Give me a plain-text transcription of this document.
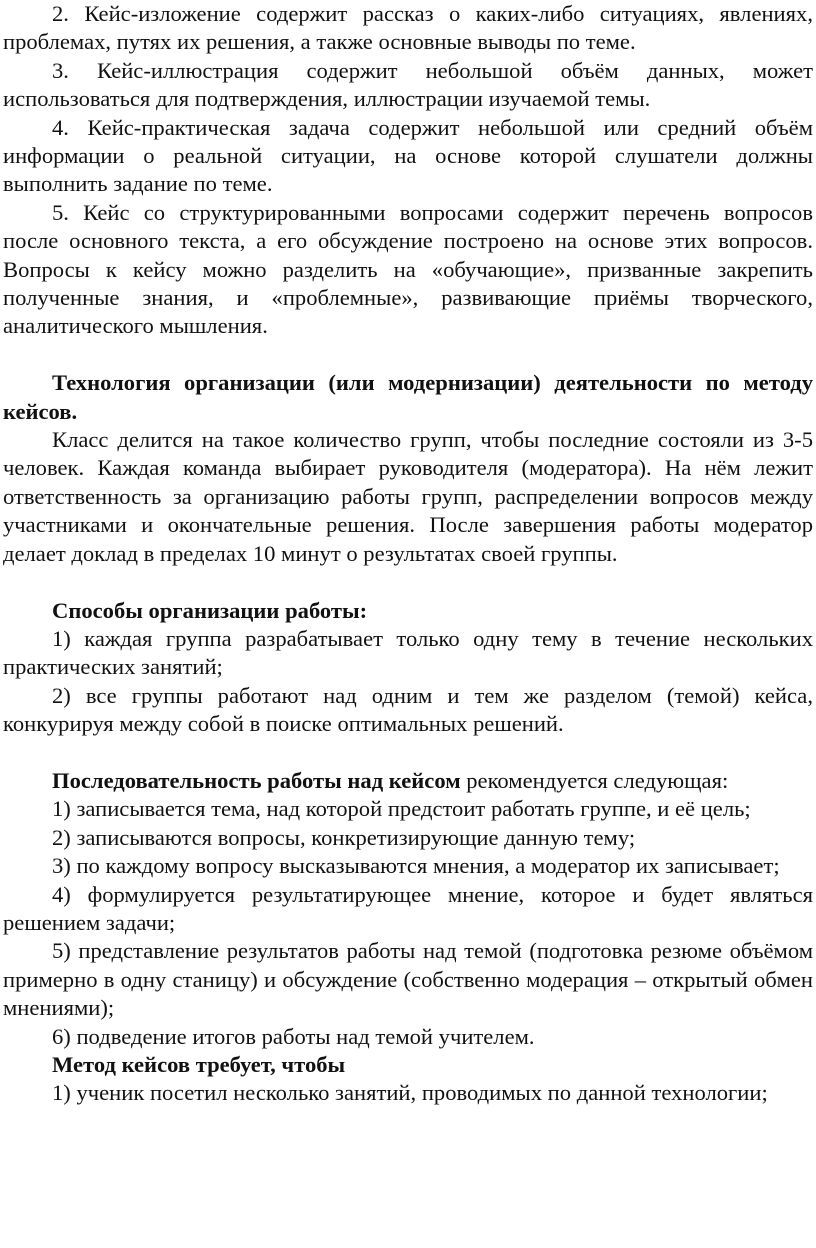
2. Кейс-изложение содержит рассказ о каких-либо ситуациях, явлениях, проблемах, путях их решения, а также основные выводы по теме.

3. Кейс-иллюстрация содержит небольшой объём данных, может использоваться для подтверждения, иллюстрации изучаемой темы.

4. Кейс-практическая задача содержит небольшой или средний объём информации о реальной ситуации, на основе которой слушатели должны выполнить задание по теме.

5. Кейс со структурированными вопросами содержит перечень вопросов после основного текста, а его обсуждение построено на основе этих вопросов. Вопросы к кейсу можно разделить на «обучающие», призванные закрепить полученные знания, и «проблемные», развивающие приёмы творческого, аналитического мышления.

Технология организации (или модернизации) деятельности по методу кейсов.

Класс делится на такое количество групп, чтобы последние состояли из 3-5 человек. Каждая команда выбирает руководителя (модератора). На нём лежит ответственность за организацию работы групп, распределении вопросов между участниками и окончательные решения. После завершения работы модератор делает доклад в пределах 10 минут о результатах своей группы.

Способы организации работы:

1) каждая группа разрабатывает только одну тему в течение нескольких практических занятий;

2) все группы работают над одним и тем же разделом (темой) кейса, конкурируя между собой в поиске оптимальных решений.

Последовательность работы над кейсом рекомендуется следующая:

1) записывается тема, над которой предстоит работать группе, и её цель;

2) записываются вопросы, конкретизирующие данную тему;

3) по каждому вопросу высказываются мнения, а модератор их записывает;

4) формулируется результатирующее мнение, которое и будет являться решением задачи;

5) представление результатов работы над темой (подготовка резюме объёмом примерно в одну станицу) и обсуждение (собственно модерация – открытый обмен мнениями);

6) подведение итогов работы над темой учителем.

Метод кейсов требует, чтобы

1) ученик посетил несколько занятий, проводимых по данной технологии;
